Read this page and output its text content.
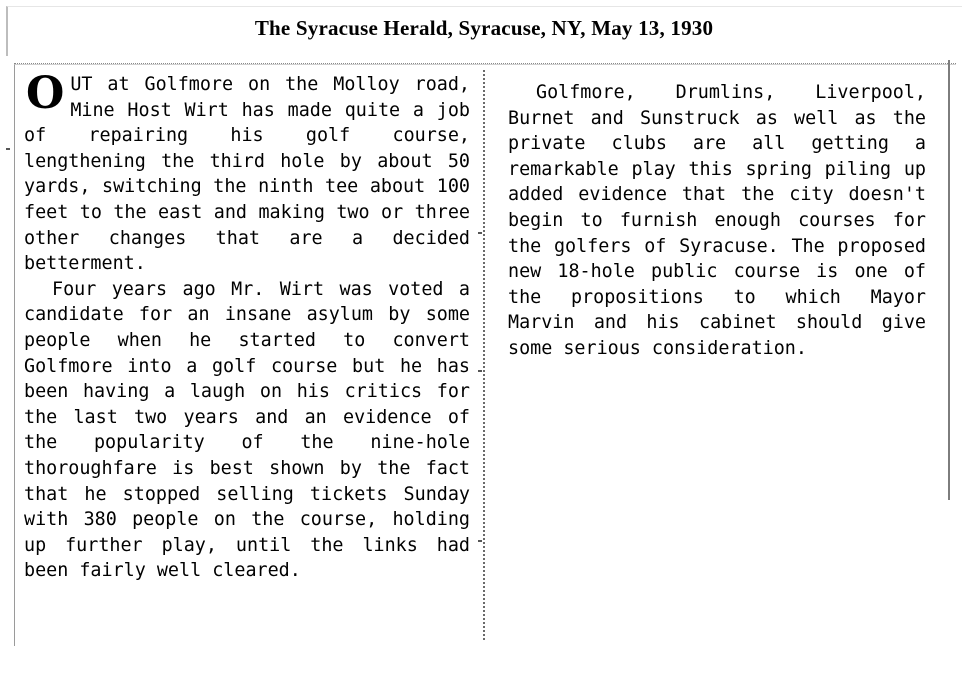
The Syracuse Herald, Syracuse, NY, May 13, 1930

OUT at Golfmore on the Molloy road, Mine Host Wirt has made quite a job of repairing his golf course, lengthening the third hole by about 50 yards, switching the ninth tee about 100 feet to the east and making two or three other changes that are a decided betterment.

Four years ago Mr. Wirt was voted a candidate for an insane asylum by some people when he started to convert Golfmore into a golf course but he has been having a laugh on his critics for the last two years and an evidence of the popularity of the nine-hole thoroughfare is best shown by the fact that he stopped selling tickets Sunday with 380 people on the course, holding up further play, until the links had been fairly well cleared.

Golfmore, Drumlins, Liverpool, Burnet and Sunstruck as well as the private clubs are all getting a remarkable play this spring piling up added evidence that the city doesn't begin to furnish enough courses for the golfers of Syracuse. The proposed new 18-hole public course is one of the propositions to which Mayor Marvin and his cabinet should give some serious consideration.
